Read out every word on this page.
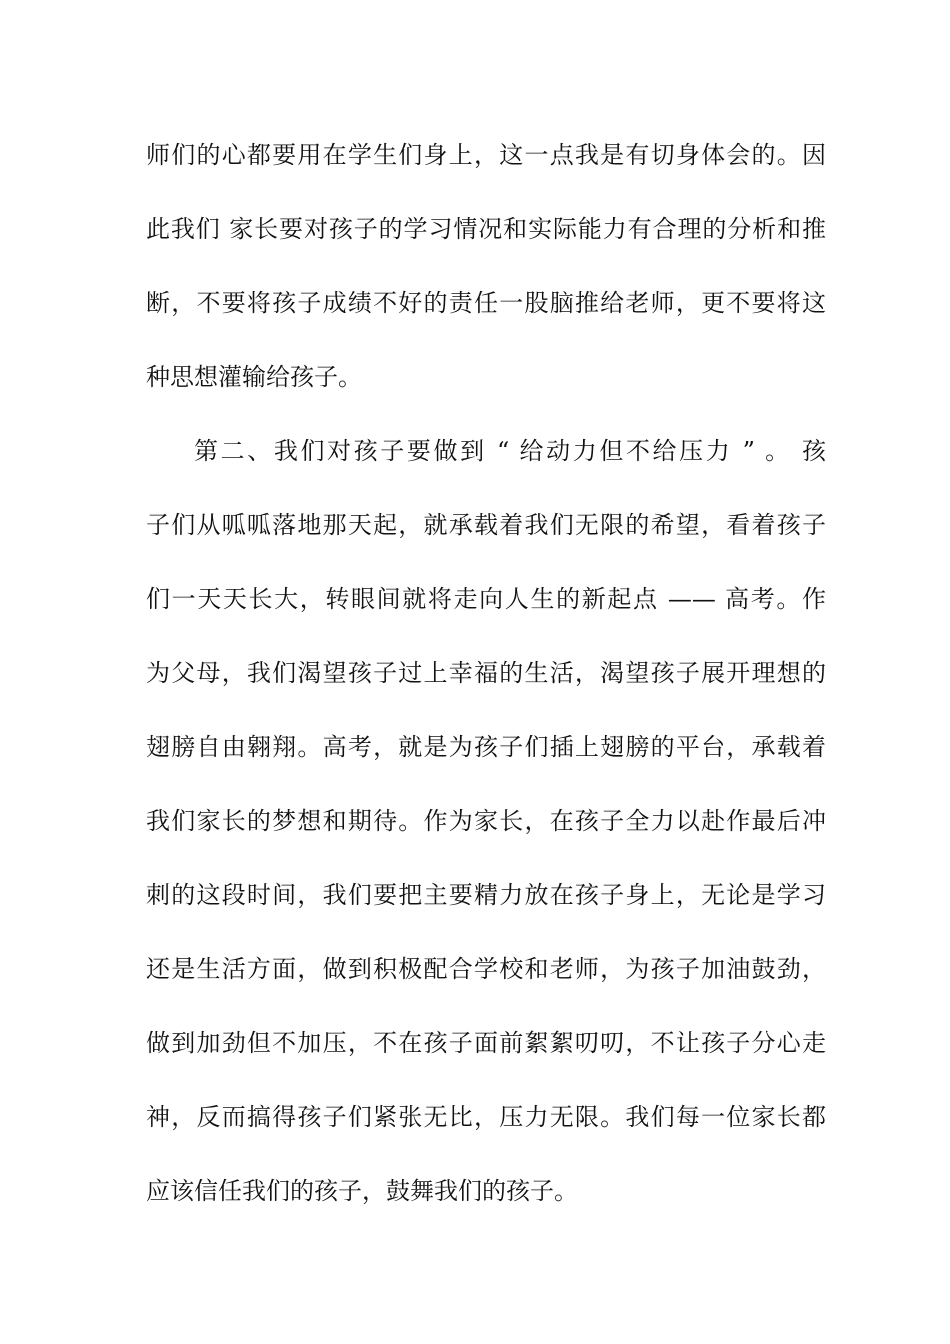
师们的心都要用在学生们身上，这一点我是有切身体会的。因
此我们 家长要对孩子的学习情况和实际能力有合理的分析和推
断，不要将孩子成绩不好的责任一股脑推给老师，更不要将这
种思想灌输给孩子。
第二、我们对孩子要做到 “ 给动力但不给压力 ” 。 孩
子们从呱呱落地那天起，就承载着我们无限的希望，看着孩子
们一天天长大，转眼间就将走向人生的新起点 —— 高考。作
为父母，我们渴望孩子过上幸福的生活，渴望孩子展开理想的
翅膀自由翱翔。高考，就是为孩子们插上翅膀的平台，承载着
我们家长的梦想和期待。作为家长，在孩子全力以赴作最后冲
刺的这段时间，我们要把主要精力放在孩子身上，无论是学习
还是生活方面，做到积极配合学校和老师，为孩子加油鼓劲，
做到加劲但不加压，不在孩子面前絮絮叨叨，不让孩子分心走
神，反而搞得孩子们紧张无比，压力无限。我们每一位家长都
应该信任我们的孩子，鼓舞我们的孩子。
